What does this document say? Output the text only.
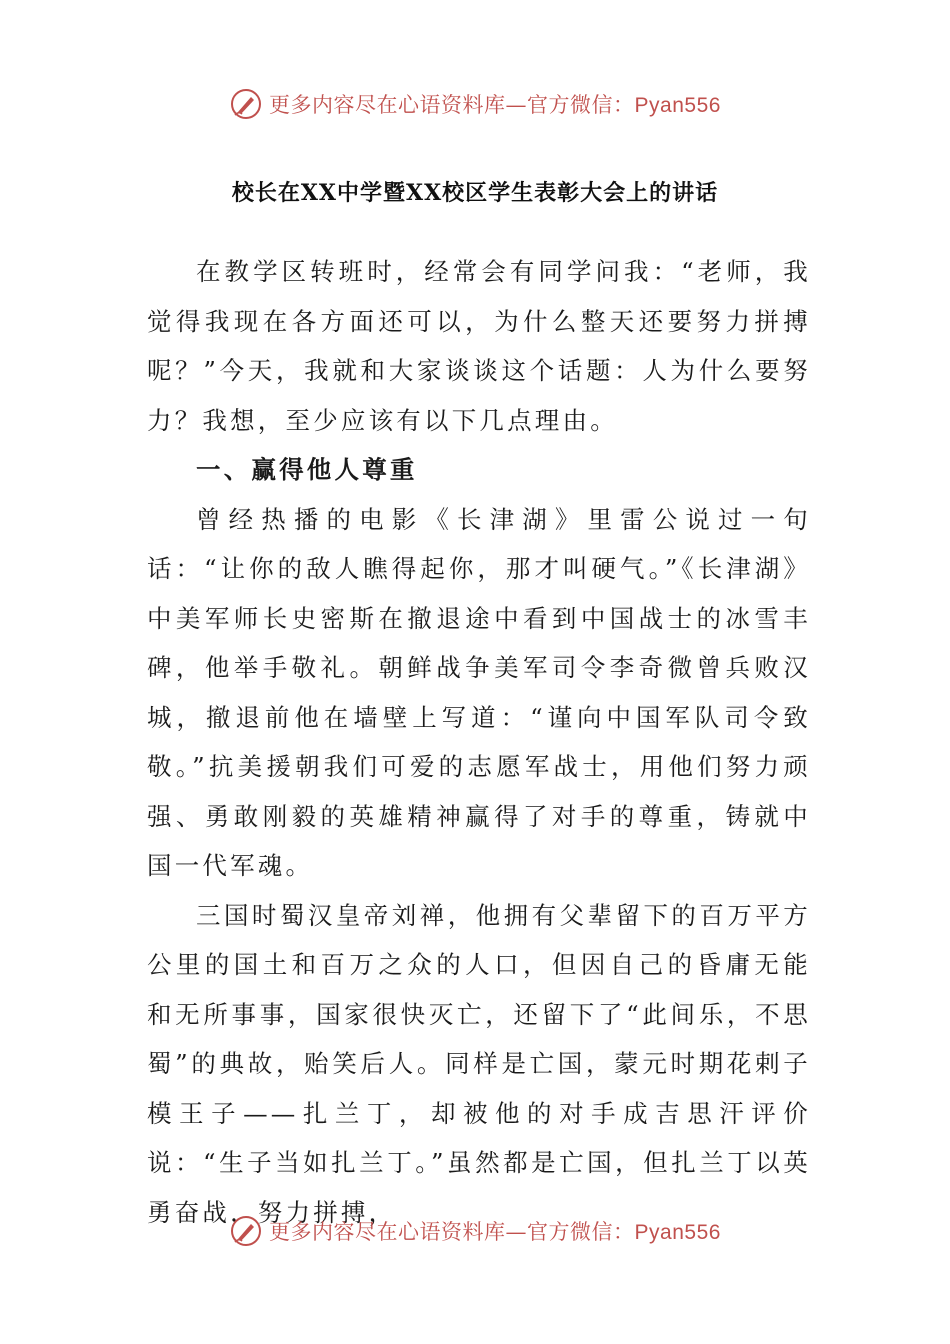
更多内容尽在心语资料库—官方微信：Pyan556
校长在XX中学暨XX校区学生表彰大会上的讲话

在教学区转班时，经常会有同学问我：“老师，我觉得我现在各方面还可以，为什么整天还要努力拼搏呢？”今天，我就和大家谈谈这个话题：人为什么要努力？我想，至少应该有以下几点理由。

一、赢得他人尊重

曾经热播的电影《长津湖》里雷公说过一句话：“让你的敌人瞧得起你，那才叫硬气。”《长津湖》中美军师长史密斯在撤退途中看到中国战士的冰雪丰碑，他举手敬礼。朝鲜战争美军司令李奇微曾兵败汉城，撤退前他在墙壁上写道：“谨向中国军队司令致敬。”抗美援朝我们可爱的志愿军战士，用他们努力顽强、勇敢刚毅的英雄精神赢得了对手的尊重，铸就中国一代军魂。

三国时蜀汉皇帝刘禅，他拥有父辈留下的百万平方公里的国土和百万之众的人口，但因自己的昏庸无能和无所事事，国家很快灭亡，还留下了“此间乐，不思蜀”的典故，贻笑后人。同样是亡国，蒙元时期花剌子模王子——扎兰丁，却被他的对手成吉思汗评价说：“生子当如扎兰丁。”虽然都是亡国，但扎兰丁以英勇奋战，努力拼搏，

更多内容尽在心语资料库—官方微信：Pyan556
